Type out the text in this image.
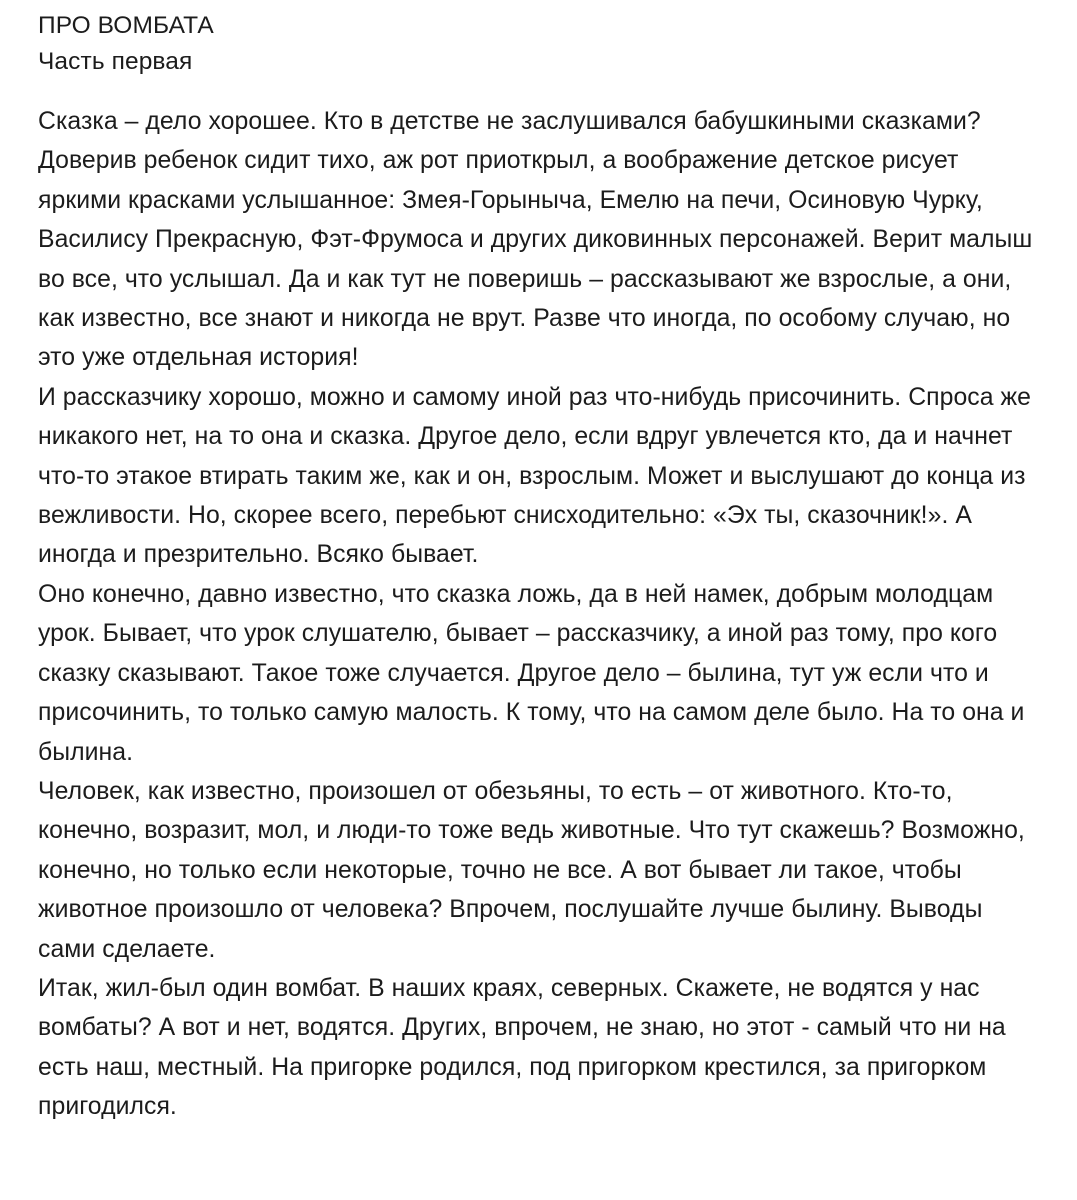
ПРО ВОМБАТА
Часть первая

Сказка – дело хорошее. Кто в детстве не заслушивался бабушкиными сказками? Доверив ребенок сидит тихо, аж рот приоткрыл, а воображение детское рисует яркими красками услышанное: Змея-Горыныча, Емелю на печи, Осиновую Чурку, Василису Прекрасную, Фэт-Фрумоса и других диковинных персонажей. Верит малыш во все, что услышал. Да и как тут не поверишь – рассказывают же взрослые, а они, как известно, все знают и никогда не врут. Разве что иногда, по особому случаю, но это уже отдельная история!

И рассказчику хорошо, можно и самому иной раз что-нибудь присочинить. Спроса же никакого нет, на то она и сказка. Другое дело, если вдруг увлечется кто, да и начнет что-то этакое втирать таким же, как и он, взрослым. Может и выслушают до конца из вежливости. Но, скорее всего, перебьют снисходительно: «Эх ты, сказочник!». А иногда и презрительно. Всяко бывает.

Оно конечно, давно известно, что сказка ложь, да в ней намек, добрым молодцам урок. Бывает, что урок слушателю, бывает – рассказчику, а иной раз тому, про кого сказку сказывают. Такое тоже случается. Другое дело – былина, тут уж если что и присочинить, то только самую малость. К тому, что на самом деле было. На то она и былина.

Человек, как известно, произошел от обезьяны, то есть – от животного. Кто-то, конечно, возразит, мол, и люди-то тоже ведь животные. Что тут скажешь? Возможно, конечно, но только если некоторые, точно не все. А вот бывает ли такое, чтобы животное произошло от человека? Впрочем, послушайте лучше былину. Выводы сами сделаете.

Итак, жил-был один вомбат. В наших краях, северных. Скажете, не водятся у нас вомбаты? А вот и нет, водятся. Других, впрочем, не знаю, но этот - самый что ни на есть наш, местный. На пригорке родился, под пригорком крестился, за пригорком пригодился.
